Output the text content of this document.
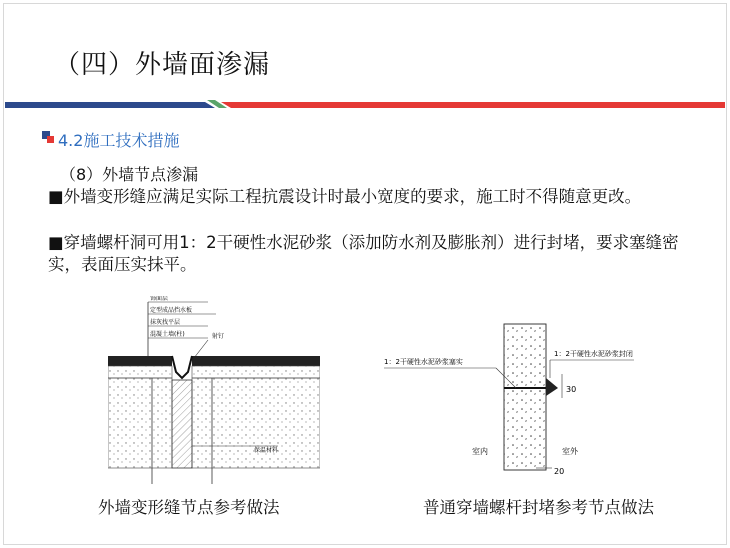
（四）外墙面渗漏
4.2施工技术措施
（8）外墙节点渗漏
■外墙变形缝应满足实际工程抗震设计时最小宽度的要求，施工时不得随意更改。
■穿墙螺杆洞可用1：2干硬性水泥砂浆（添加防水剂及膨胀剂）进行封堵，要求塞缝密实，表面压实抹平。
饰面层
定型成品挡水板
抹灰找平层
混凝土墙(柱)	射钉
保温材料
30
1：2干硬性水泥砂浆塞实
1：2干硬性水泥砂浆封闭
室内	室外
20
外墙变形缝节点参考做法	普通穿墙螺杆封堵参考节点做法
